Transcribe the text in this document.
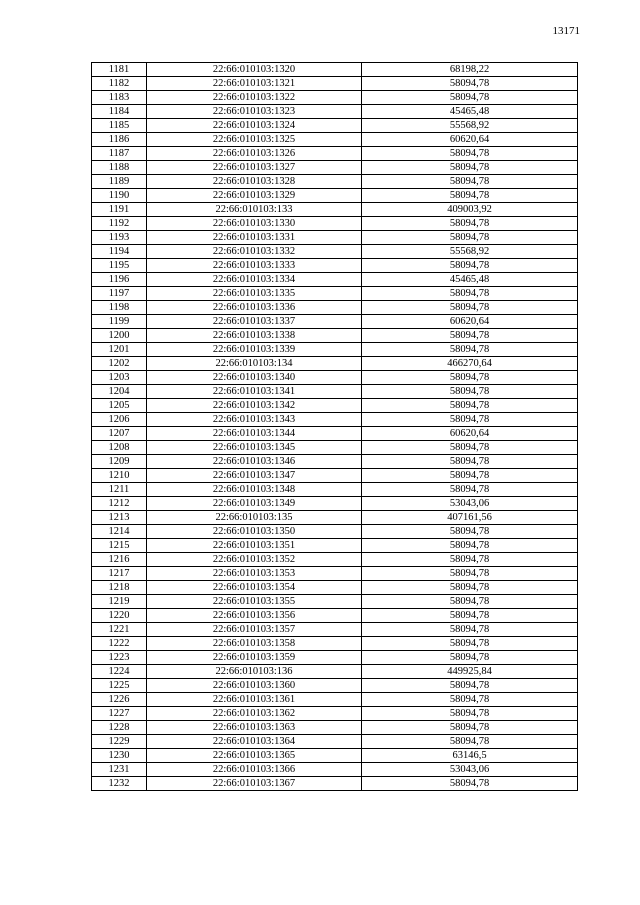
13171
1181	22:66:010103:1320	68198,22
1182	22:66:010103:1321	58094,78
1183	22:66:010103:1322	58094,78
1184	22:66:010103:1323	45465,48
1185	22:66:010103:1324	55568,92
1186	22:66:010103:1325	60620,64
1187	22:66:010103:1326	58094,78
1188	22:66:010103:1327	58094,78
1189	22:66:010103:1328	58094,78
1190	22:66:010103:1329	58094,78
1191	22:66:010103:133	409003,92
1192	22:66:010103:1330	58094,78
1193	22:66:010103:1331	58094,78
1194	22:66:010103:1332	55568,92
1195	22:66:010103:1333	58094,78
1196	22:66:010103:1334	45465,48
1197	22:66:010103:1335	58094,78
1198	22:66:010103:1336	58094,78
1199	22:66:010103:1337	60620,64
1200	22:66:010103:1338	58094,78
1201	22:66:010103:1339	58094,78
1202	22:66:010103:134	466270,64
1203	22:66:010103:1340	58094,78
1204	22:66:010103:1341	58094,78
1205	22:66:010103:1342	58094,78
1206	22:66:010103:1343	58094,78
1207	22:66:010103:1344	60620,64
1208	22:66:010103:1345	58094,78
1209	22:66:010103:1346	58094,78
1210	22:66:010103:1347	58094,78
1211	22:66:010103:1348	58094,78
1212	22:66:010103:1349	53043,06
1213	22:66:010103:135	407161,56
1214	22:66:010103:1350	58094,78
1215	22:66:010103:1351	58094,78
1216	22:66:010103:1352	58094,78
1217	22:66:010103:1353	58094,78
1218	22:66:010103:1354	58094,78
1219	22:66:010103:1355	58094,78
1220	22:66:010103:1356	58094,78
1221	22:66:010103:1357	58094,78
1222	22:66:010103:1358	58094,78
1223	22:66:010103:1359	58094,78
1224	22:66:010103:136	449925,84
1225	22:66:010103:1360	58094,78
1226	22:66:010103:1361	58094,78
1227	22:66:010103:1362	58094,78
1228	22:66:010103:1363	58094,78
1229	22:66:010103:1364	58094,78
1230	22:66:010103:1365	63146,5
1231	22:66:010103:1366	53043,06
1232	22:66:010103:1367	58094,78
